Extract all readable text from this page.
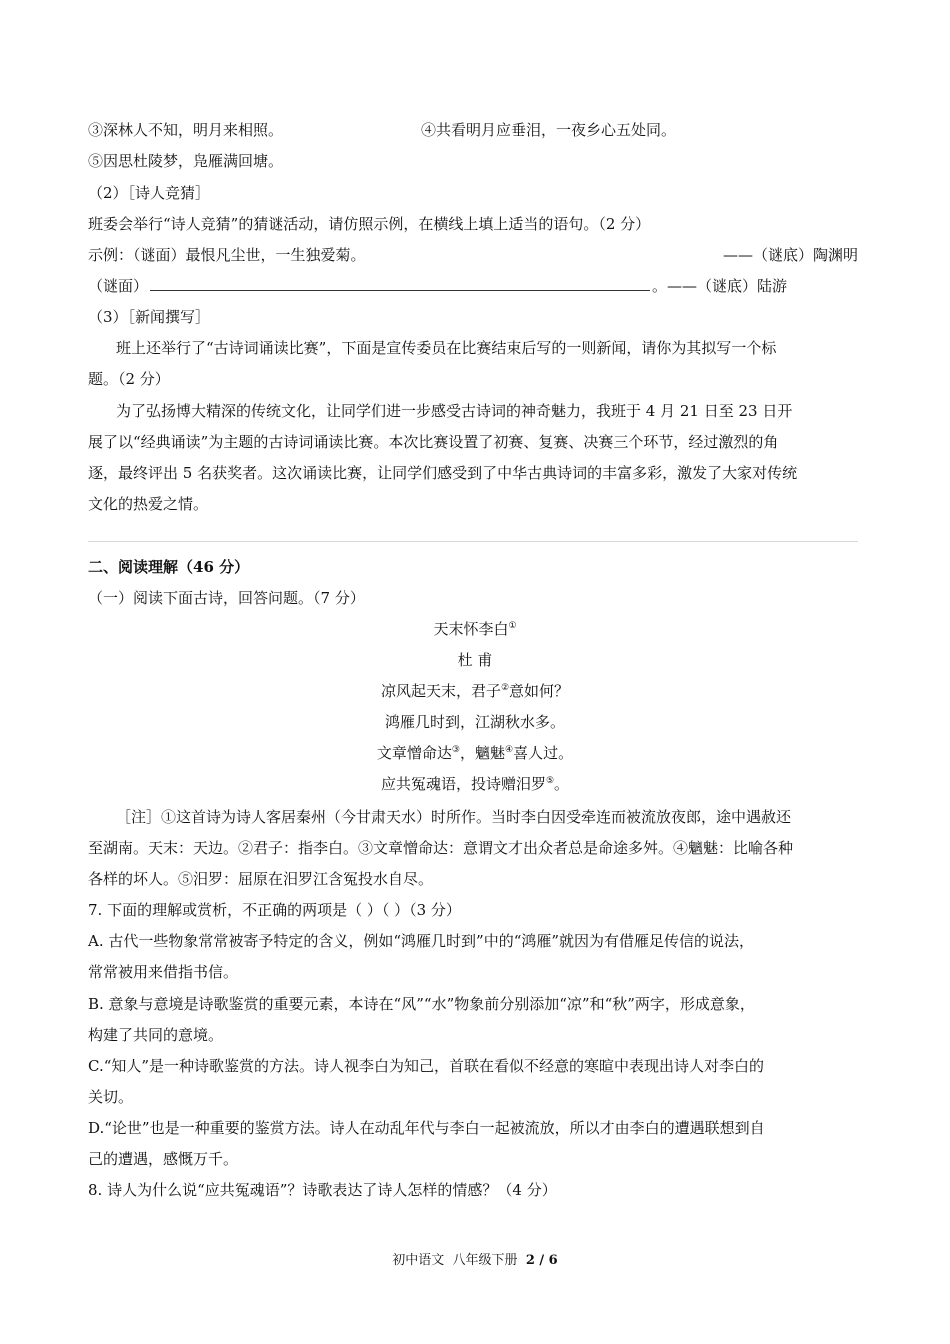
③深林人不知，明月来相照。	④共看明月应垂泪，一夜乡心五处同。
⑤因思杜陵梦，凫雁满回塘。
（2）［诗人竞猜］
班委会举行“诗人竞猜”的猜谜活动，请仿照示例，在横线上填上适当的语句。（2 分）
示例：（谜面）最恨凡尘世，一生独爱菊。	——（谜底）陶渊明
（谜面）	。——（谜底）陆游
（3）［新闻撰写］
班上还举行了“古诗词诵读比赛”，下面是宣传委员在比赛结束后写的一则新闻，请你为其拟写一个标
题。（2 分）
为了弘扬博大精深的传统文化，让同学们进一步感受古诗词的神奇魅力，我班于 4 月 21 日至 23 日开
展了以“经典诵读”为主题的古诗词诵读比赛。本次比赛设置了初赛、复赛、决赛三个环节，经过激烈的角
逐，最终评出 5 名获奖者。这次诵读比赛，让同学们感受到了中华古典诗词的丰富多彩，激发了大家对传统
文化的热爱之情。
二、阅读理解（46 分）
（一）阅读下面古诗，回答问题。（7 分）
天末怀李白①
杜 甫
凉风起天末，君子②意如何？
鸿雁几时到，江湖秋水多。
文章憎命达③，魑魅④喜人过。
应共冤魂语，投诗赠汨罗⑤。
［注］①这首诗为诗人客居秦州（今甘肃天水）时所作。当时李白因受牵连而被流放夜郎，途中遇赦还
至湖南。天末：天边。②君子：指李白。③文章憎命达：意谓文才出众者总是命途多舛。④魑魅：比喻各种
各样的坏人。⑤汨罗：屈原在汨罗江含冤投水自尽。
7. 下面的理解或赏析，不正确的两项是（ ）（ ）（3 分）
A. 古代一些物象常常被寄予特定的含义，例如“鸿雁几时到”中的“鸿雁”就因为有借雁足传信的说法，
常常被用来借指书信。
B. 意象与意境是诗歌鉴赏的重要元素，本诗在“风”“水”物象前分别添加“凉”和“秋”两字，形成意象，
构建了共同的意境。
C.“知人”是一种诗歌鉴赏的方法。诗人视李白为知己，首联在看似不经意的寒暄中表现出诗人对李白的
关切。
D.“论世”也是一种重要的鉴赏方法。诗人在动乱年代与李白一起被流放，所以才由李白的遭遇联想到自
己的遭遇，感慨万千。
8. 诗人为什么说“应共冤魂语”？诗歌表达了诗人怎样的情感？（4 分）
初中语文  八年级下册  2 / 6
